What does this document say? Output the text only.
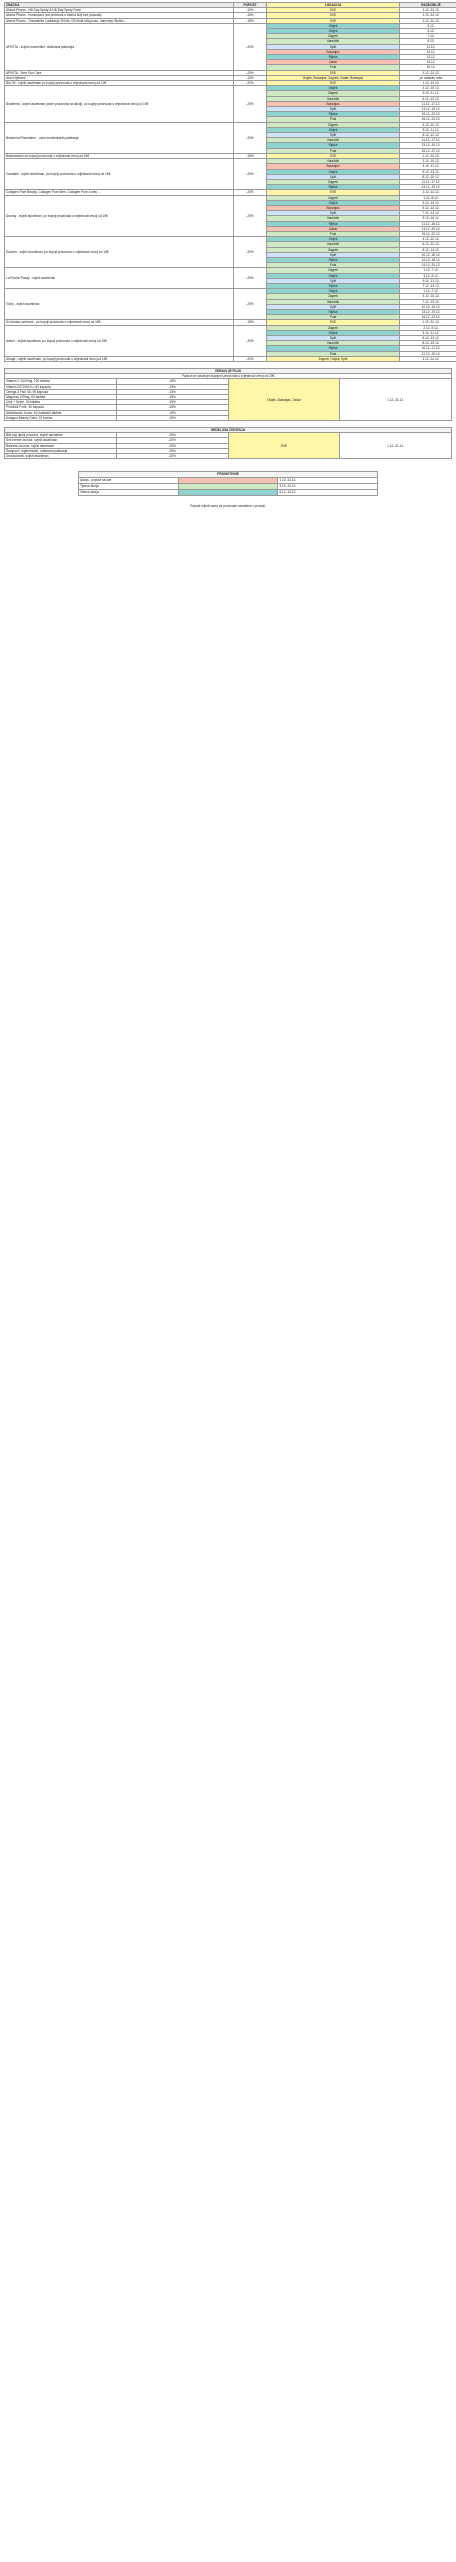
ZNAČKA	POPUST	LOKACIJA	RAZDOBLJE
Abena Pharm - Hill Day Spray & Hill Day Spray Forte	-15%	SVE	1.12.-31.12.
Abena Pharm - Immuspect (svi proizvodi u Abena liniji bez popusta)	-15%	SVE	1.12.-31.12.
Abena Pharm - Chewables i pakiranje 200mL+20 Multi-Vita junior, Immunity, Biotics ...	-15%	SVE	1.12.-31.12.
APIVITA - svježe kozmetike, odabrana pakiranja	-20%	Osijek	5.12.
		Osijek	6.12.
		Zagreb	7.12.
		Varaždin	8.12.
		Split	11.12.
		Bokanjac	12.12.
		Rijeka	13.12.
		Zadar	14.12.
		Pula	15.12.
APIVITA - New Sun Care	-20%	SVE	1.12.-31.12.
Ašo'ci ljekarni	-15%	Osijek, Bokanjac, Zagreb, Zadar, Bokanjac	po dolasku robe
Bio Oil - svježi asortiman po kupnji proizvoda u vrijednosti većoj od 10€	-20%	SVE	1.12.-31.12.
Bioderma - svježi asortiman (osim proizvoda na akciji), po kupnji proizvoda u vrijednosti većoj od 10€	-20%	Osijek	4.12.-10.12.
		Zagreb	5.12.-11.12.
		Varaždin	6.12.-12.12.
		Bokanjac	11.12.-17.12.
		Split	13.12.-19.12.
		Rijeka	16.12.-22.12.
		Pula	18.12.-24.12.
Bioderma Photoderm - osim kombiniranih pakiranja	-20%	Zagreb	4.12.-10.12.
		Osijek	5.12.-11.12.
		Split	6.12.-12.12.
		Varaždin	11.12.-17.12.
		Rijeka	13.12.-19.12.
		Pula	16.12.-22.12.
Blackmorest svi kupnji proizvoda u vrijednosti većoj od 15€	-15%	SVE	1.12.-31.12.
Caudalie - svježi asortiman, po kupnji proizvoda u vrijednosti većoj od 15€	-20%	Varaždin	2.12.-10.12.
		Bokanjac	4.12.-11.12.
		Osijek	6.12.-13.12.
		Split	8.12.-15.12.
		Zagreb	11.12.-17.12.
		Rijeka	13.12.-19.12.
Collagen Pure Beauty, Collagen Pure Men, Collagen Pure Joints ...	-20%	SVE	1.12.-31.12.
Ducray - svježi asortiman, po kupnji proizvoda u vrijednosti većoj od 15€	-20%	Zagreb	1.12.-8.12.
		Osijek	3.12.-10.12.
		Bokanjac	5.12.-12.12.
		Split	7.12.-14.12.
		Varaždin	9.12.-16.12.
		Rijeka	11.12.-18.12.
		Zadar	13.12.-20.12.
		Pula	15.12.-22.12.
Eucerin - svježi asortiman, po kupnji proizvoda u vrijednosti većoj od 15€	-20%	Osijek	4.12.-10.12.
		Varaždin	6.12.-12.12.
		Zagreb	8.12.-14.12.
		Split	10.12.-16.12.
		Rijeka	12.12.-18.12.
		Pula	14.12.-20.12.
La Roche-Posay - svježi asortiman	-20%	Zagreb	1.12.-7.12.
		Osijek	3.12.-9.12.
		Split	5.12.-11.12.
		Rijeka	7.12.-13.12.
Vichy - svježi asortiman	-20%	Osijek	1.12.-7.12.
		Zagreb	4.12.-10.12.
		Varaždin	7.12.-13.12.
		Split	10.12.-16.12.
		Rijeka	13.12.-19.12.
		Pula	16.12.-22.12.
Svi dodaci prehrani - po kupnji proizvoda u vrijednosti većoj od 15€	-15%	SVE	1.12.-31.12.
Avène - svježi asortiman, po kupnji proizvoda u vrijednosti većoj od 15€	-20%	Zagreb	2.12.-9.12.
		Osijek	4.12.-11.12.
		Split	6.12.-13.12.
		Varaždin	8.12.-15.12.
		Rijeka	10.12.-17.12.
		Pula	12.12.-19.12.
Uriage - svježi asortiman, po kupnji proizvoda u vrijednosti većoj od 15€	-20%	Zagreb, Osijek, Split	1.12.-31.12.
ZDRAVLJE PLUS			
Popust se ostvaruje kupnjom proizvoda u vrijednosti većoj od 20€			
Vitamin C 1000mg, 100 tableta	-15%	Osijek, Bokanjac, Zadar	1.12.-31.12.
Vitamin D3 2000 IU, 60 kapsula	-15%		
Omega 3 Fish Oil, 90 kapsula	-15%		
Magnezij 375mg, 60 tableta	-15%		
Cink + Selen, 30 tableta	-15%		
Probiotik Forte, 30 kapsula	-15%		
Multivitamin Junior, 60 žvakaćih tableta	-15%		
Kolagen Beauty Drink, 10 bočica	-15%		
NEDELJNA ČIŠĆENJA			
Bilo koji dječji proizvod, svježi asortiman	-20%	SVE	1.12.-31.12.
Sve kreme za ruke, svježi asortiman	-20%		
Balzami za usne, svježi asortiman	-20%		
Šamponi i regeneratori, odabrana pakiranja	-20%		
Dezodoransi, svježi asortiman	-20%		
PROMOTIVNE		
Akcija - popust na sve		1.12.-31.12.
Tjedna akcija		4.12.-10.12.
Vikend akcija		8.12.-10.12.
Popust vrijedi samo za proizvode označene u ponudi.
